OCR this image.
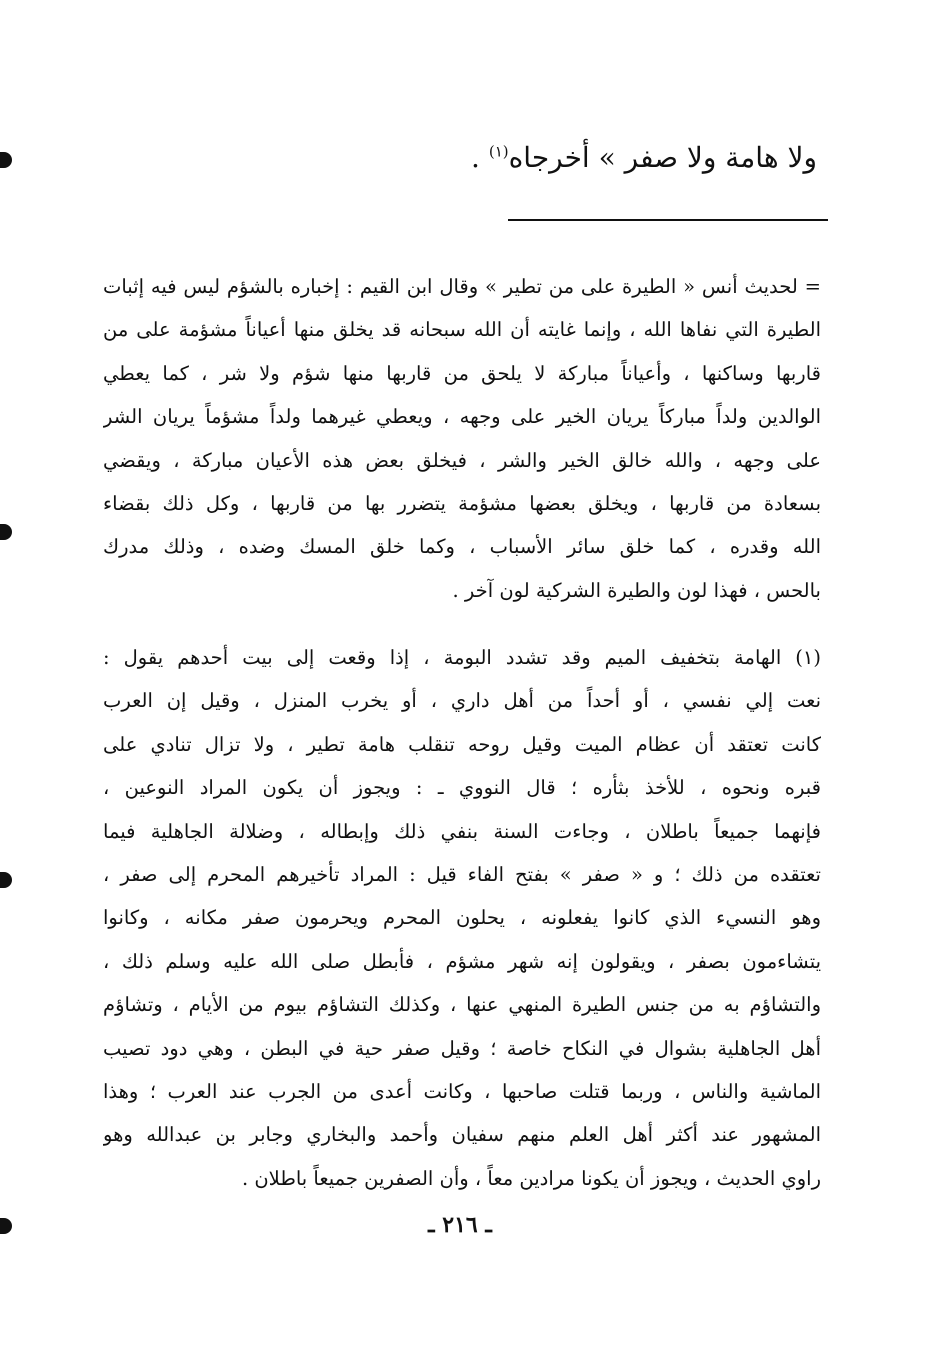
ولا هامة ولا صفر » أخرجاه$^{(١)}$ .
= لحديث أنس « الطيرة على من تطير » وقال ابن القيم : إخباره بالشؤم ليس فيه إثبات
الطيرة التي نفاها الله ، وإنما غايته أن الله سبحانه قد يخلق منها أعياناً مشؤمة على من
قاربها وساكنها ، وأعياناً مباركة لا يلحق من قاربها منها شؤم ولا شر ، كما يعطي
الوالدين ولداً مباركاً يريان الخير على وجهه ، ويعطي غيرهما ولداً مشؤماً يريان الشر
على وجهه ، والله خالق الخير والشر ، فيخلق بعض هذه الأعيان مباركة ، ويقضي
بسعادة من قاربها ، ويخلق بعضها مشؤمة يتضرر بها من قاربها ، وكل ذلك بقضاء
الله وقدره ، كما خلق سائر الأسباب ، وكما خلق المسك وضده ، وذلك مدرك
بالحس ، فهذا لون والطيرة الشركية لون آخر .
(١) الهامة بتخفيف الميم وقد تشدد البومة ، إذا وقعت إلى بيت أحدهم يقول :
نعت إلي نفسي ، أو أحداً من أهل داري ، أو يخرب المنزل ، وقيل إن العرب
كانت تعتقد أن عظام الميت وقيل روحه تنقلب هامة تطير ، ولا تزال تنادي على
قبره ونحوه ، للأخذ بثأره ؛ قال النووي ـ : ويجوز أن يكون المراد النوعين ،
فإنهما جميعاً باطلان ، وجاءت السنة بنفي ذلك وإبطاله ، وضلالة الجاهلية فيما
تعتقده من ذلك ؛ و « صفر » بفتح الفاء قيل : المراد تأخيرهم المحرم إلى صفر ،
وهو النسيء الذي كانوا يفعلونه ، يحلون المحرم ويحرمون صفر مكانه ، وكانوا
يتشاءمون بصفر ، ويقولون إنه شهر مشؤم ، فأبطل صلى الله عليه وسلم ذلك ،
والتشاؤم به من جنس الطيرة المنهي عنها ، وكذلك التشاؤم بيوم من الأيام ، وتشاؤم
أهل الجاهلية بشوال في النكاح خاصة ؛ وقيل صفر حية في البطن ، وهي دود تصيب
الماشية والناس ، وربما قتلت صاحبها ، وكانت أعدى من الجرب عند العرب ؛ وهذا
المشهور عند أكثر أهل العلم منهم سفيان وأحمد والبخاري وجابر بن عبدالله وهو
راوي الحديث ، ويجوز أن يكونا مرادين معاً ، وأن الصفرين جميعاً باطلان .
ـ ٢١٦ ـ
